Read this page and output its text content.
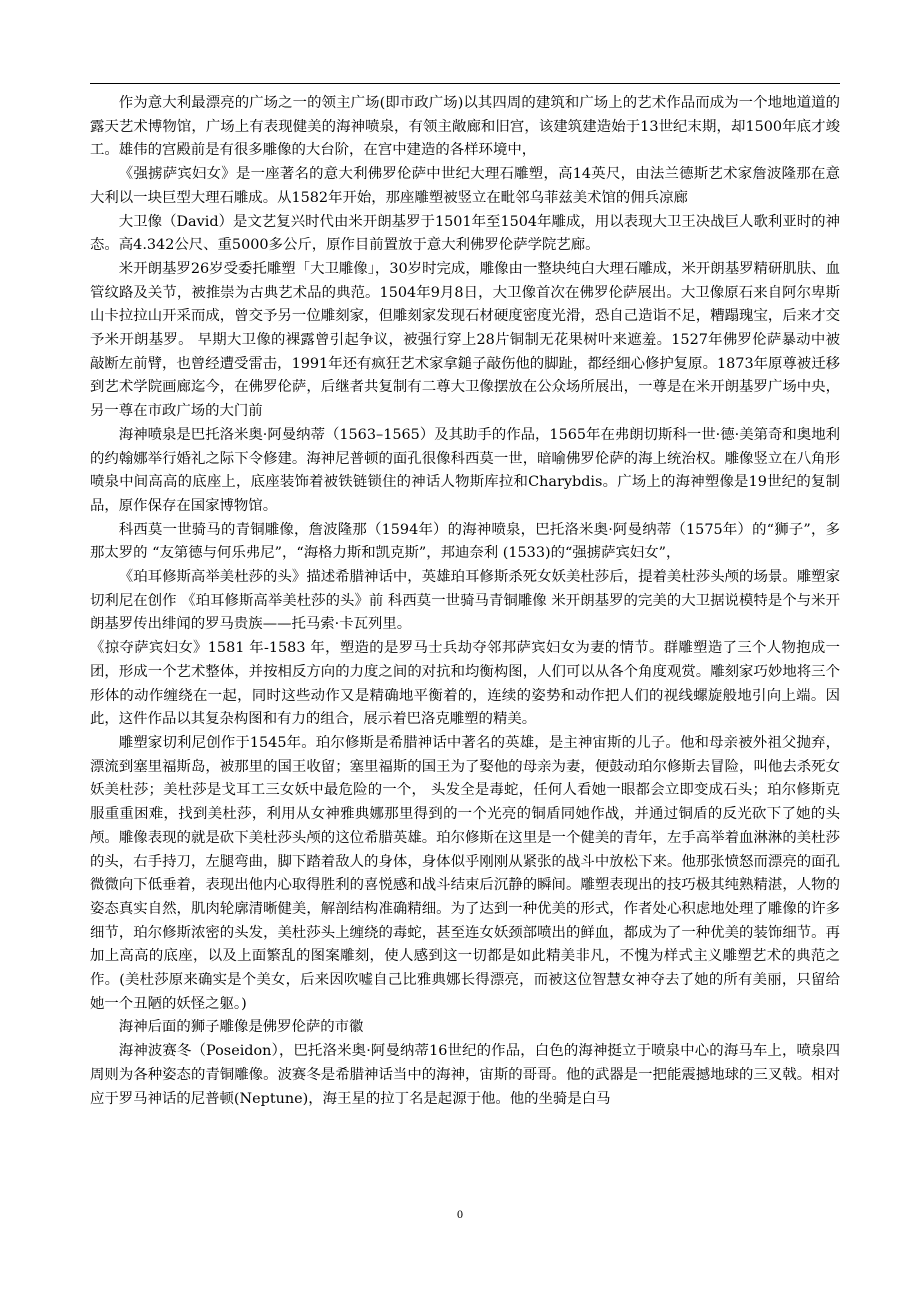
作为意大利最漂亮的广场之一的领主广场(即市政广场)以其四周的建筑和广场上的艺术作品而成为一个地地道道的露天艺术博物馆，广场上有表现健美的海神喷泉，有领主敞廊和旧宫，该建筑建造始于13世纪末期，却1500年底才竣工。雄伟的宫殿前是有很多雕像的大台阶，在宫中建造的各样环境中，

《强掳萨宾妇女》是一座著名的意大利佛罗伦萨中世纪大理石雕塑，高14英尺，由法兰德斯艺术家詹波隆那在意大利以一块巨型大理石雕成。从1582年开始，那座雕塑被竖立在毗邻乌菲兹美术馆的佣兵凉廊

大卫像（David）是文艺复兴时代由米开朗基罗于1501年至1504年雕成，用以表现大卫王决战巨人歌利亚时的神态。高4.342公尺、重5000多公斤，原作目前置放于意大利佛罗伦萨学院艺廊。

米开朗基罗26岁受委托雕塑「大卫雕像」，30岁时完成，雕像由一整块纯白大理石雕成，米开朗基罗精研肌肤、血管纹路及关节，被推崇为古典艺术品的典范。1504年9月8日，大卫像首次在佛罗伦萨展出。大卫像原石来自阿尔卑斯山卡拉拉山开采而成，曾交予另一位雕刻家，但雕刻家发现石材硬度密度光滑，恐自己造诣不足，糟蹋瑰宝，后来才交予米开朗基罗。 早期大卫像的裸露曾引起争议，被强行穿上28片铜制无花果树叶来遮羞。1527年佛罗伦萨暴动中被敲断左前臂，也曾经遭受雷击，1991年还有疯狂艺术家拿鎚子敲伤他的脚趾，都经细心修护复原。1873年原尊被迁移到艺术学院画廊迄今，在佛罗伦萨，后继者共复制有二尊大卫像摆放在公众场所展出，一尊是在米开朗基罗广场中央，另一尊在市政广场的大门前

海神喷泉是巴托洛米奥·阿曼纳蒂（1563–1565）及其助手的作品，1565年在弗朗切斯科一世·德·美第奇和奥地利的约翰娜举行婚礼之际下令修建。海神尼普顿的面孔很像科西莫一世，暗喻佛罗伦萨的海上统治权。雕像竖立在八角形喷泉中间高高的底座上，底座装饰着被铁链锁住的神话人物斯库拉和Charybdis。广场上的海神塑像是19世纪的复制品，原作保存在国家博物馆。

科西莫一世骑马的青铜雕像，詹波隆那（1594年）的海神喷泉，巴托洛米奥·阿曼纳蒂（1575年）的“狮子”，多那太罗的 “友第德与何乐弗尼”，“海格力斯和凯克斯”，邦迪奈利 (1533)的“强掳萨宾妇女”，

《珀耳修斯高举美杜莎的头》描述希腊神话中，英雄珀耳修斯杀死女妖美杜莎后，提着美杜莎头颅的场景。雕塑家切利尼在创作 《珀耳修斯高举美杜莎的头》前 科西莫一世骑马青铜雕像 米开朗基罗的完美的大卫据说模特是个与米开朗基罗传出绯闻的罗马贵族——托马索·卡瓦列里。

《掠夺萨宾妇女》1581 年-1583 年，塑造的是罗马士兵劫夺邻邦萨宾妇女为妻的情节。群雕塑造了三个人物抱成一团，形成一个艺术整体，并按相反方向的力度之间的对抗和均衡构图，人们可以从各个角度观赏。雕刻家巧妙地将三个形体的动作缠绕在一起，同时这些动作又是精确地平衡着的，连续的姿势和动作把人们的视线螺旋般地引向上端。因此，这件作品以其复杂构图和有力的组合，展示着巴洛克雕塑的精美。

雕塑家切利尼创作于1545年。珀尔修斯是希腊神话中著名的英雄，是主神宙斯的儿子。他和母亲被外祖父抛弃，漂流到塞里福斯岛，被那里的国王收留；塞里福斯的国王为了娶他的母亲为妻，便鼓动珀尔修斯去冒险，叫他去杀死女妖美杜莎；美杜莎是戈耳工三女妖中最危险的一个， 头发全是毒蛇，任何人看她一眼都会立即变成石头；珀尔修斯克服重重困难，找到美杜莎，利用从女神雅典娜那里得到的一个光亮的铜盾同她作战，并通过铜盾的反光砍下了她的头颅。雕像表现的就是砍下美杜莎头颅的这位希腊英雄。珀尔修斯在这里是一个健美的青年，左手高举着血淋淋的美杜莎的头，右手持刀，左腿弯曲，脚下踏着敌人的身体，身体似乎刚刚从紧张的战斗中放松下来。他那张愤怒而漂亮的面孔微微向下低垂着，表现出他内心取得胜利的喜悦感和战斗结束后沉静的瞬间。雕塑表现出的技巧极其纯熟精湛，人物的姿态真实自然，肌肉轮廓清晰健美，解剖结构准确精细。为了达到一种优美的形式，作者处心积虑地处理了雕像的许多细节，珀尔修斯浓密的头发，美杜莎头上缠绕的毒蛇，甚至连女妖颈部喷出的鲜血，都成为了一种优美的装饰细节。再加上高高的底座，以及上面繁乱的图案雕刻，使人感到这一切都是如此精美非凡，不愧为样式主义雕塑艺术的典范之作。(美杜莎原来确实是个美女，后来因吹嘘自己比雅典娜长得漂亮，而被这位智慧女神夺去了她的所有美丽，只留给她一个丑陋的妖怪之躯。)

海神后面的狮子雕像是佛罗伦萨的市徽

海神波赛冬（Poseidon），巴托洛米奥·阿曼纳蒂16世纪的作品，白色的海神挺立于喷泉中心的海马车上，喷泉四周则为各种姿态的青铜雕像。波赛冬是希腊神话当中的海神，宙斯的哥哥。他的武器是一把能震撼地球的三叉戟。相对应于罗马神话的尼普顿(Neptune)，海王星的拉丁名是起源于他。他的坐骑是白马

0
